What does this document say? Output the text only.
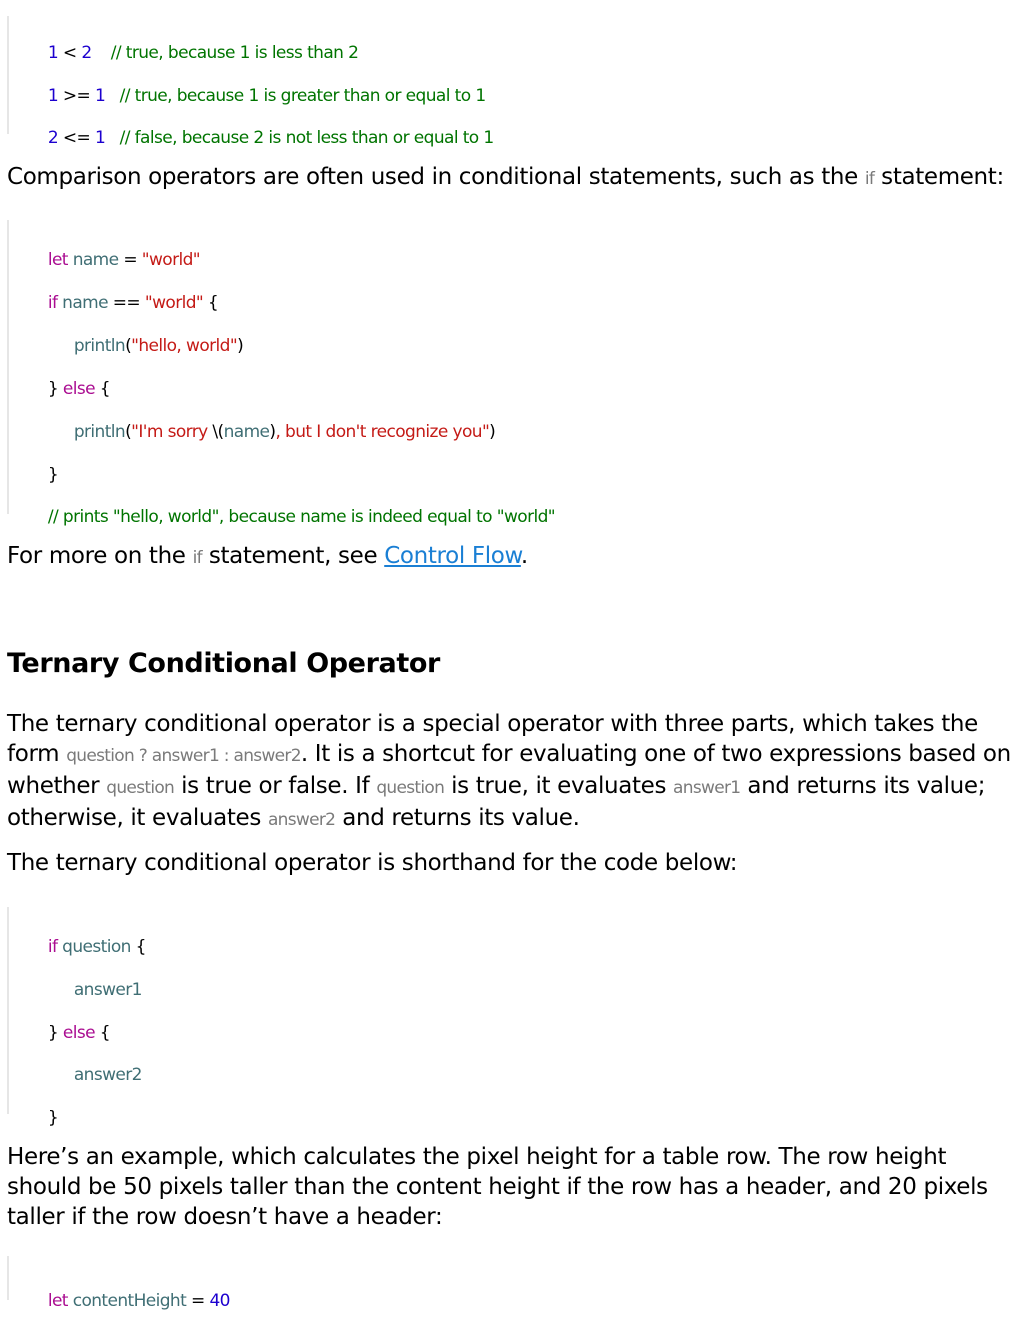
1 < 2    // true, because 1 is less than 2

1 >= 1   // true, because 1 is greater than or equal to 1

2 <= 1   // false, because 2 is not less than or equal to 1

Comparison operators are often used in conditional statements, such as the if statement:

let name = "world"

if name == "world" {

println("hello, world")

} else {

println("I'm sorry \(name), but I don't recognize you")

}

// prints "hello, world", because name is indeed equal to "world"

For more on the if statement, see Control Flow.
Ternary Conditional Operator
The ternary conditional operator is a special operator with three parts, which takes the form question ? answer1 : answer2. It is a shortcut for evaluating one of two expressions based on whether question is true or false. If question is true, it evaluates answer1 and returns its value; otherwise, it evaluates answer2 and returns its value.
The ternary conditional operator is shorthand for the code below:

if question {

answer1

} else {

answer2

}

Here’s an example, which calculates the pixel height for a table row. The row height should be 50 pixels taller than the content height if the row has a header, and 20 pixels taller if the row doesn’t have a header:

let contentHeight = 40
